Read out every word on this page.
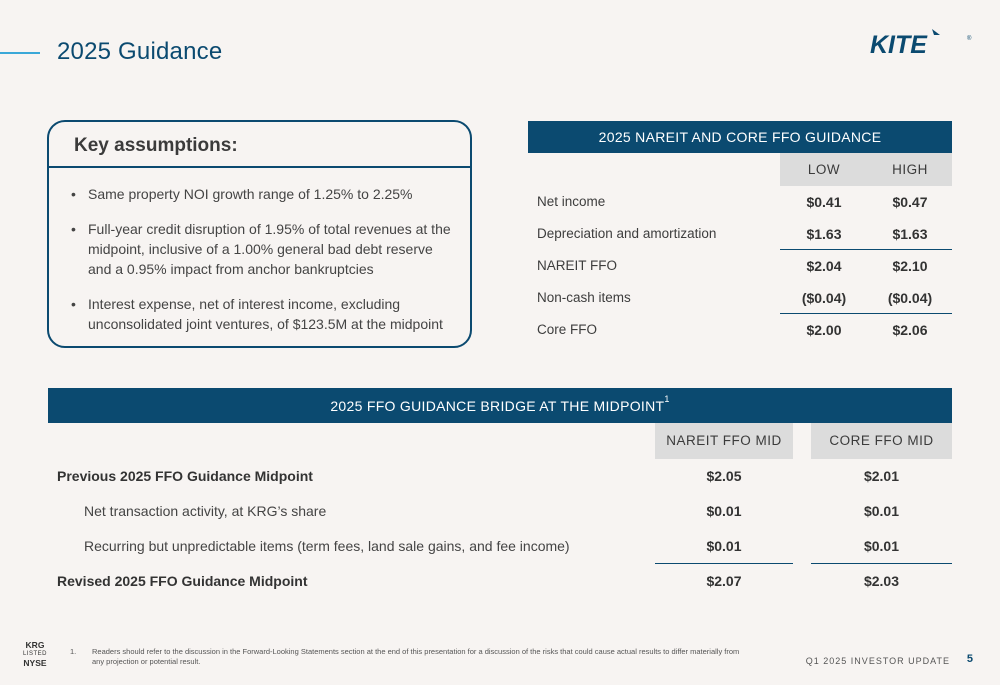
2025 Guidance	KITE	®
Key assumptions:
• Same property NOI growth range of 1.25% to 2.25%
• Full-year credit disruption of 1.95% of total revenues at the midpoint, inclusive of a 1.00% general bad debt reserve and a 0.95% impact from anchor bankruptcies
• Interest expense, net of interest income, excluding unconsolidated joint ventures, of $123.5M at the midpoint
2025 NAREIT AND CORE FFO GUIDANCE
LOW	HIGH
Net income	$0.41	$0.47
Depreciation and amortization	$1.63	$1.63
NAREIT FFO	$2.04	$2.10
Non-cash items	($0.04)	($0.04)
Core FFO	$2.00	$2.06
2025 FFO GUIDANCE BRIDGE AT THE MIDPOINT$^1$
NAREIT FFO MID	CORE FFO MID
Previous 2025 FFO Guidance Midpoint	$2.05	$2.01
Net transaction activity, at KRG’s share	$0.01	$0.01
Recurring but unpredictable items (term fees, land sale gains, and fee income)	$0.01	$0.01
Revised 2025 FFO Guidance Midpoint	$2.07	$2.03
KRG
LISTED
NYSE
1. Readers should refer to the discussion in the Forward-Looking Statements section at the end of this presentation for a discussion of the risks that could cause actual results to differ materially from any projection or potential result.	Q1 2025 INVESTOR UPDATE 5
